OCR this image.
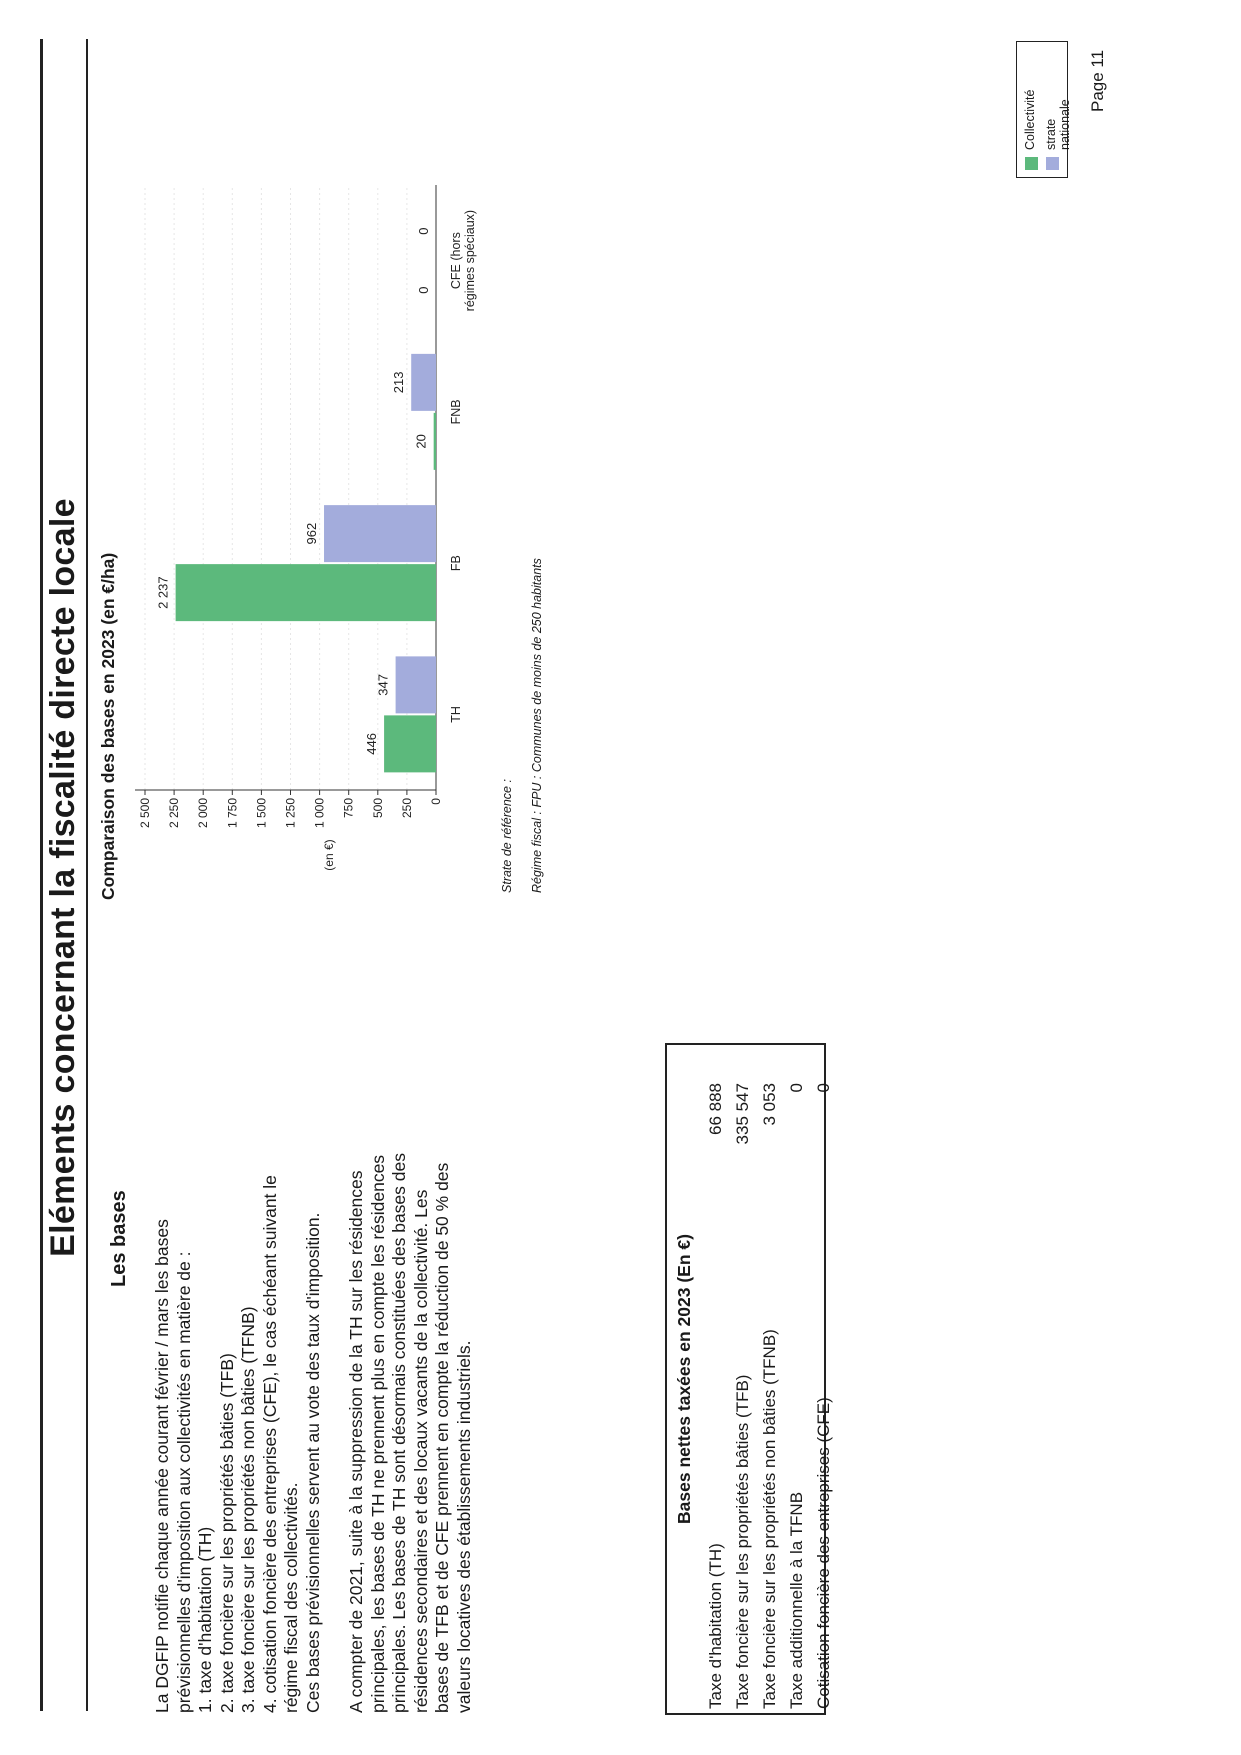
Eléments concernant la fiscalité directe locale Les bases La DGFIP notifie chaque année courant février / mars les bases prévisionnelles d'imposition aux collectivités en matière de : 1. taxe d'habitation (TH) 2. taxe foncière sur les propriétés bâties (TFB) 3. taxe foncière sur les propriétés non bâties (TFNB) 4. cotisation foncière des entreprises (CFE), le cas échéant suivant le régime fiscal des collectivités. Ces bases prévisionnelles servent au vote des taux d'imposition. A compter de 2021, suite à la suppression de la TH sur les résidences principales, les bases de TH ne prennent plus en compte les résidences principales. Les bases de TH sont désormais constituées des bases des résidences secondaires et des locaux vacants de la collectivité. Les bases de TFB et de CFE prennent en compte la réduction de 50 % des valeurs locatives des établissements industriels.	Bases nettes taxées en 2023 (En €)
Taxe d'habitation (TH)
66 888
Taxe foncière sur les propriétés bâties (TFB)
335 547
Taxe foncière sur les propriétés non bâties (TFNB)
3 053
Taxe additionnelle à la TFNB
0
Cotisation foncière des entreprises (CFE)
0
Comparaison des bases en 2023 (en €/ha)	0
250
500
750
1 000
1 250
1 500
1 750
2 000
2 250
2 500
(en €)
446
347
TH
2 237
962
FB
20
213
FNB
0
0
CFE (hors régimes spéciaux)
Strate de référence : Régime fiscal : FPU : Communes de moins de 250 habitants
Collectivité strate nationale
Page 11
